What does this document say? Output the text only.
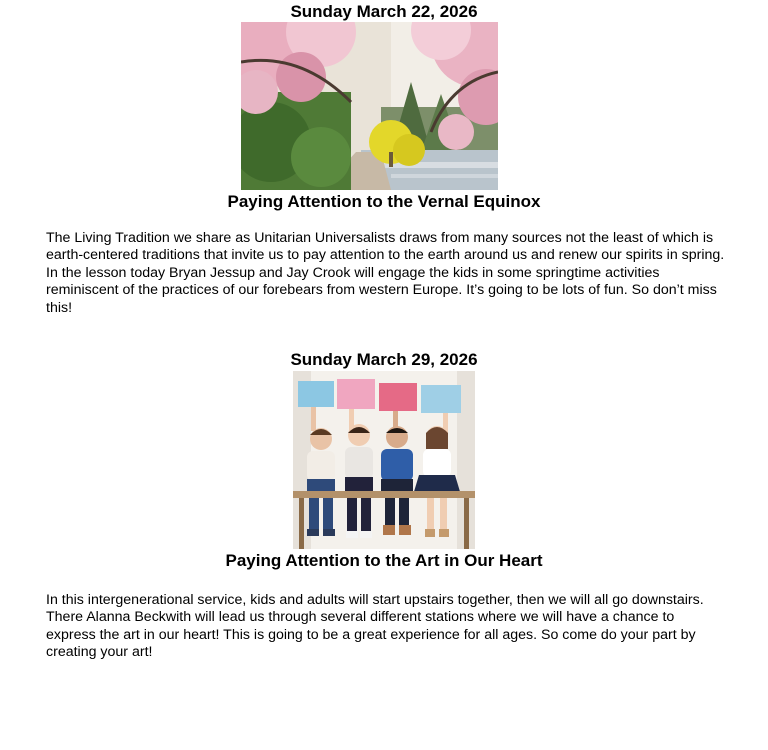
Sunday March 22, 2026
Paying Attention to the Vernal Equinox
The Living Tradition we share as Unitarian Universalists draws from many sources not the least of which is earth-centered traditions that invite us to pay attention to the earth around us and renew our spirits in spring. In the lesson today Bryan Jessup and Jay Crook will engage the kids in some springtime activities reminiscent of the practices of our forebears from western Europe. It’s going to be lots of fun. So don’t miss this!
Sunday March 29, 2026
Paying Attention to the Art in Our Heart
In this intergenerational service, kids and adults will start upstairs together, then we will all go downstairs. There Alanna Beckwith will lead us through several different stations where we will have a chance to express the art in our heart! This is going to be a great experience for all ages. So come do your part by creating your art!
